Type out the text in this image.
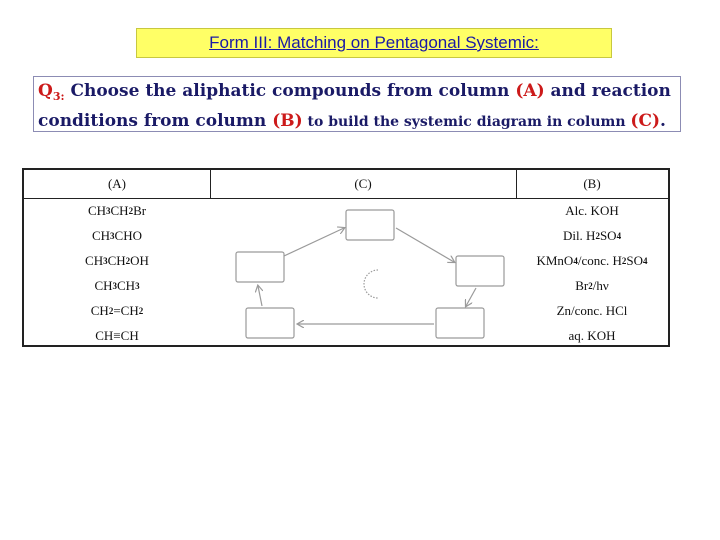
Form III: Matching on Pentagonal Systemic:
$Q_{3:}$ Choose the aliphatic compounds from column (A) and reaction
conditions from column (B) to build the systemic diagram in column (C).
(A)	(C)	(B)
CH 3 CH 2 Br
CH 3 CHO
CH 3 CH 2 OH
CH 3 CH 3
CH 2 =CH 2
CH≡CH
Alc. KOH
Dil. H 2 SO 4
KMnO 4 /conc. H 2 SO 4
Br 2 /hν
Zn/conc. HCl
aq. KOH
